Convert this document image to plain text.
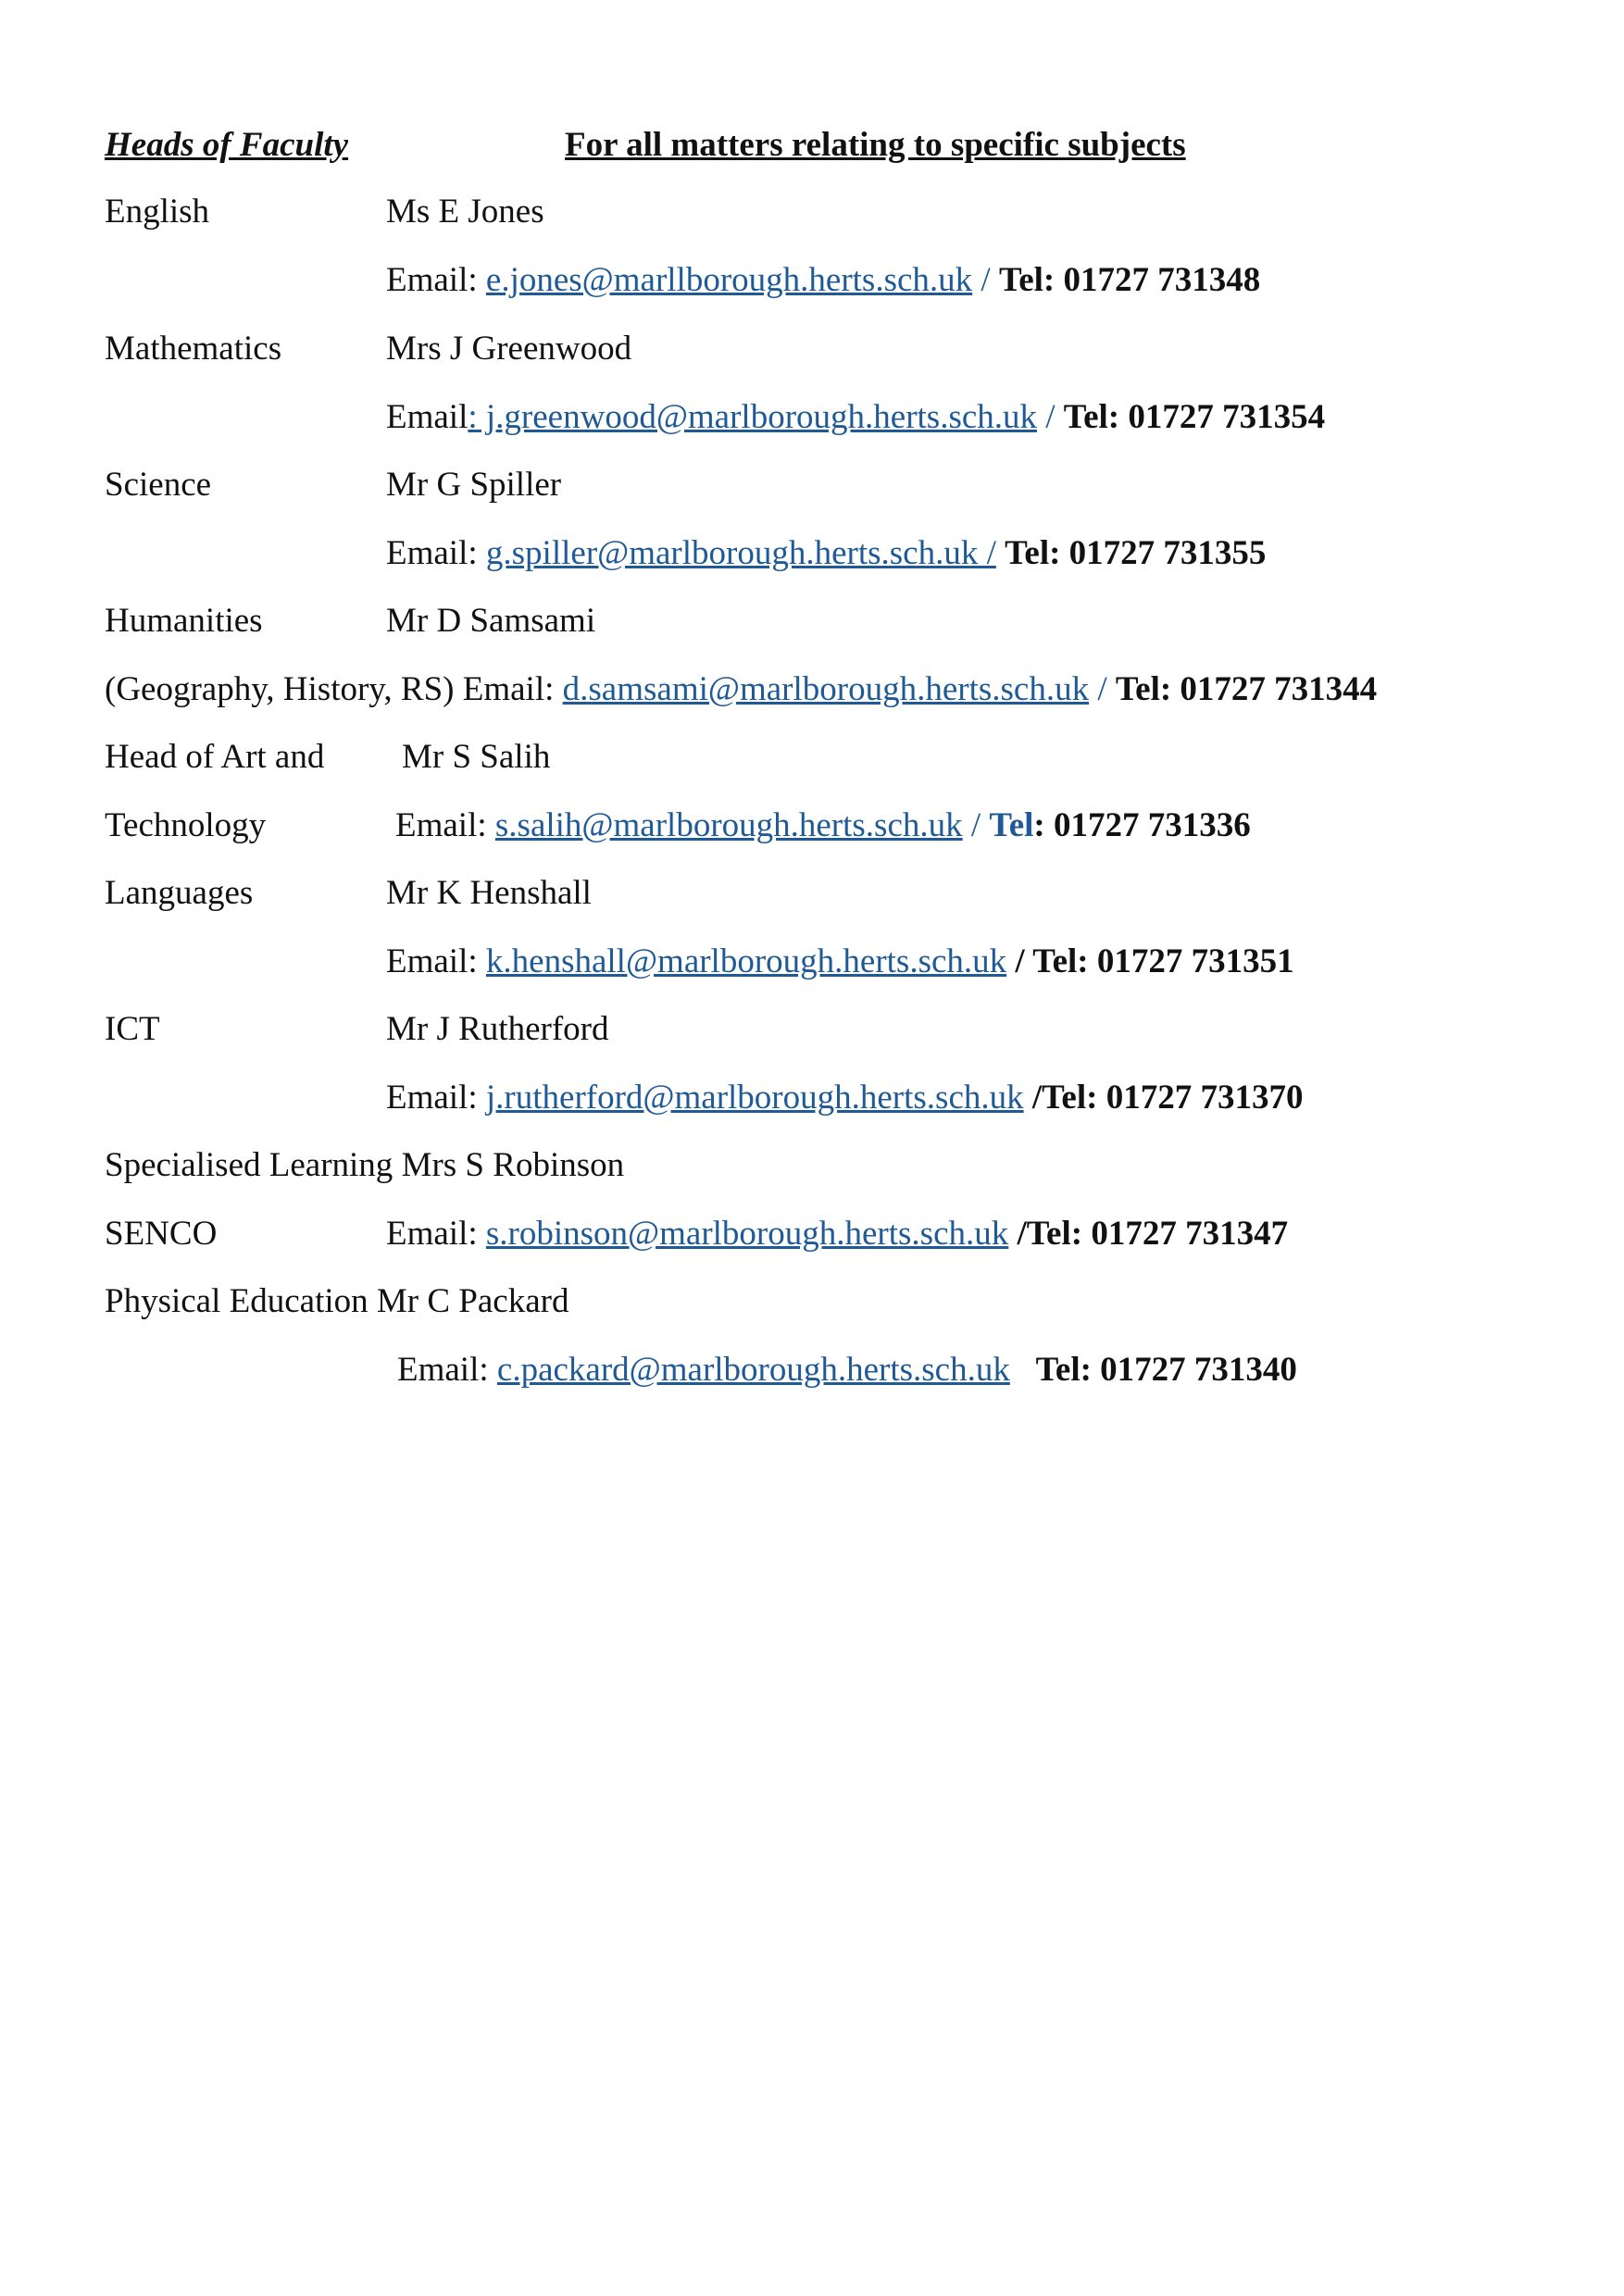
Heads of Faculty	For all matters relating to specific subjects
English	Ms E Jones
Email: e.jones@marllborough.herts.sch.uk / Tel: 01727 731348
Mathematics	Mrs J Greenwood
Email: j.greenwood@marlborough.herts.sch.uk / Tel: 01727 731354
Science	Mr G Spiller
Email: g.spiller@marlborough.herts.sch.uk / Tel: 01727 731355
Humanities	Mr D Samsami
(Geography, History, RS) Email: d.samsami@marlborough.herts.sch.uk / Tel: 01727 731344
Head of Art and Mr S Salih
Technology	Email: s.salih@marlborough.herts.sch.uk / Tel: 01727 731336
Languages	Mr K Henshall
Email: k.henshall@marlborough.herts.sch.uk / Tel: 01727 731351
ICT	Mr J Rutherford
Email: j.rutherford@marlborough.herts.sch.uk /Tel: 01727 731370
Specialised Learning Mrs S Robinson
SENCO	Email: s.robinson@marlborough.herts.sch.uk /Tel: 01727 731347
Physical Education Mr C Packard
Email: c.packard@marlborough.herts.sch.uk Tel: 01727 731340
